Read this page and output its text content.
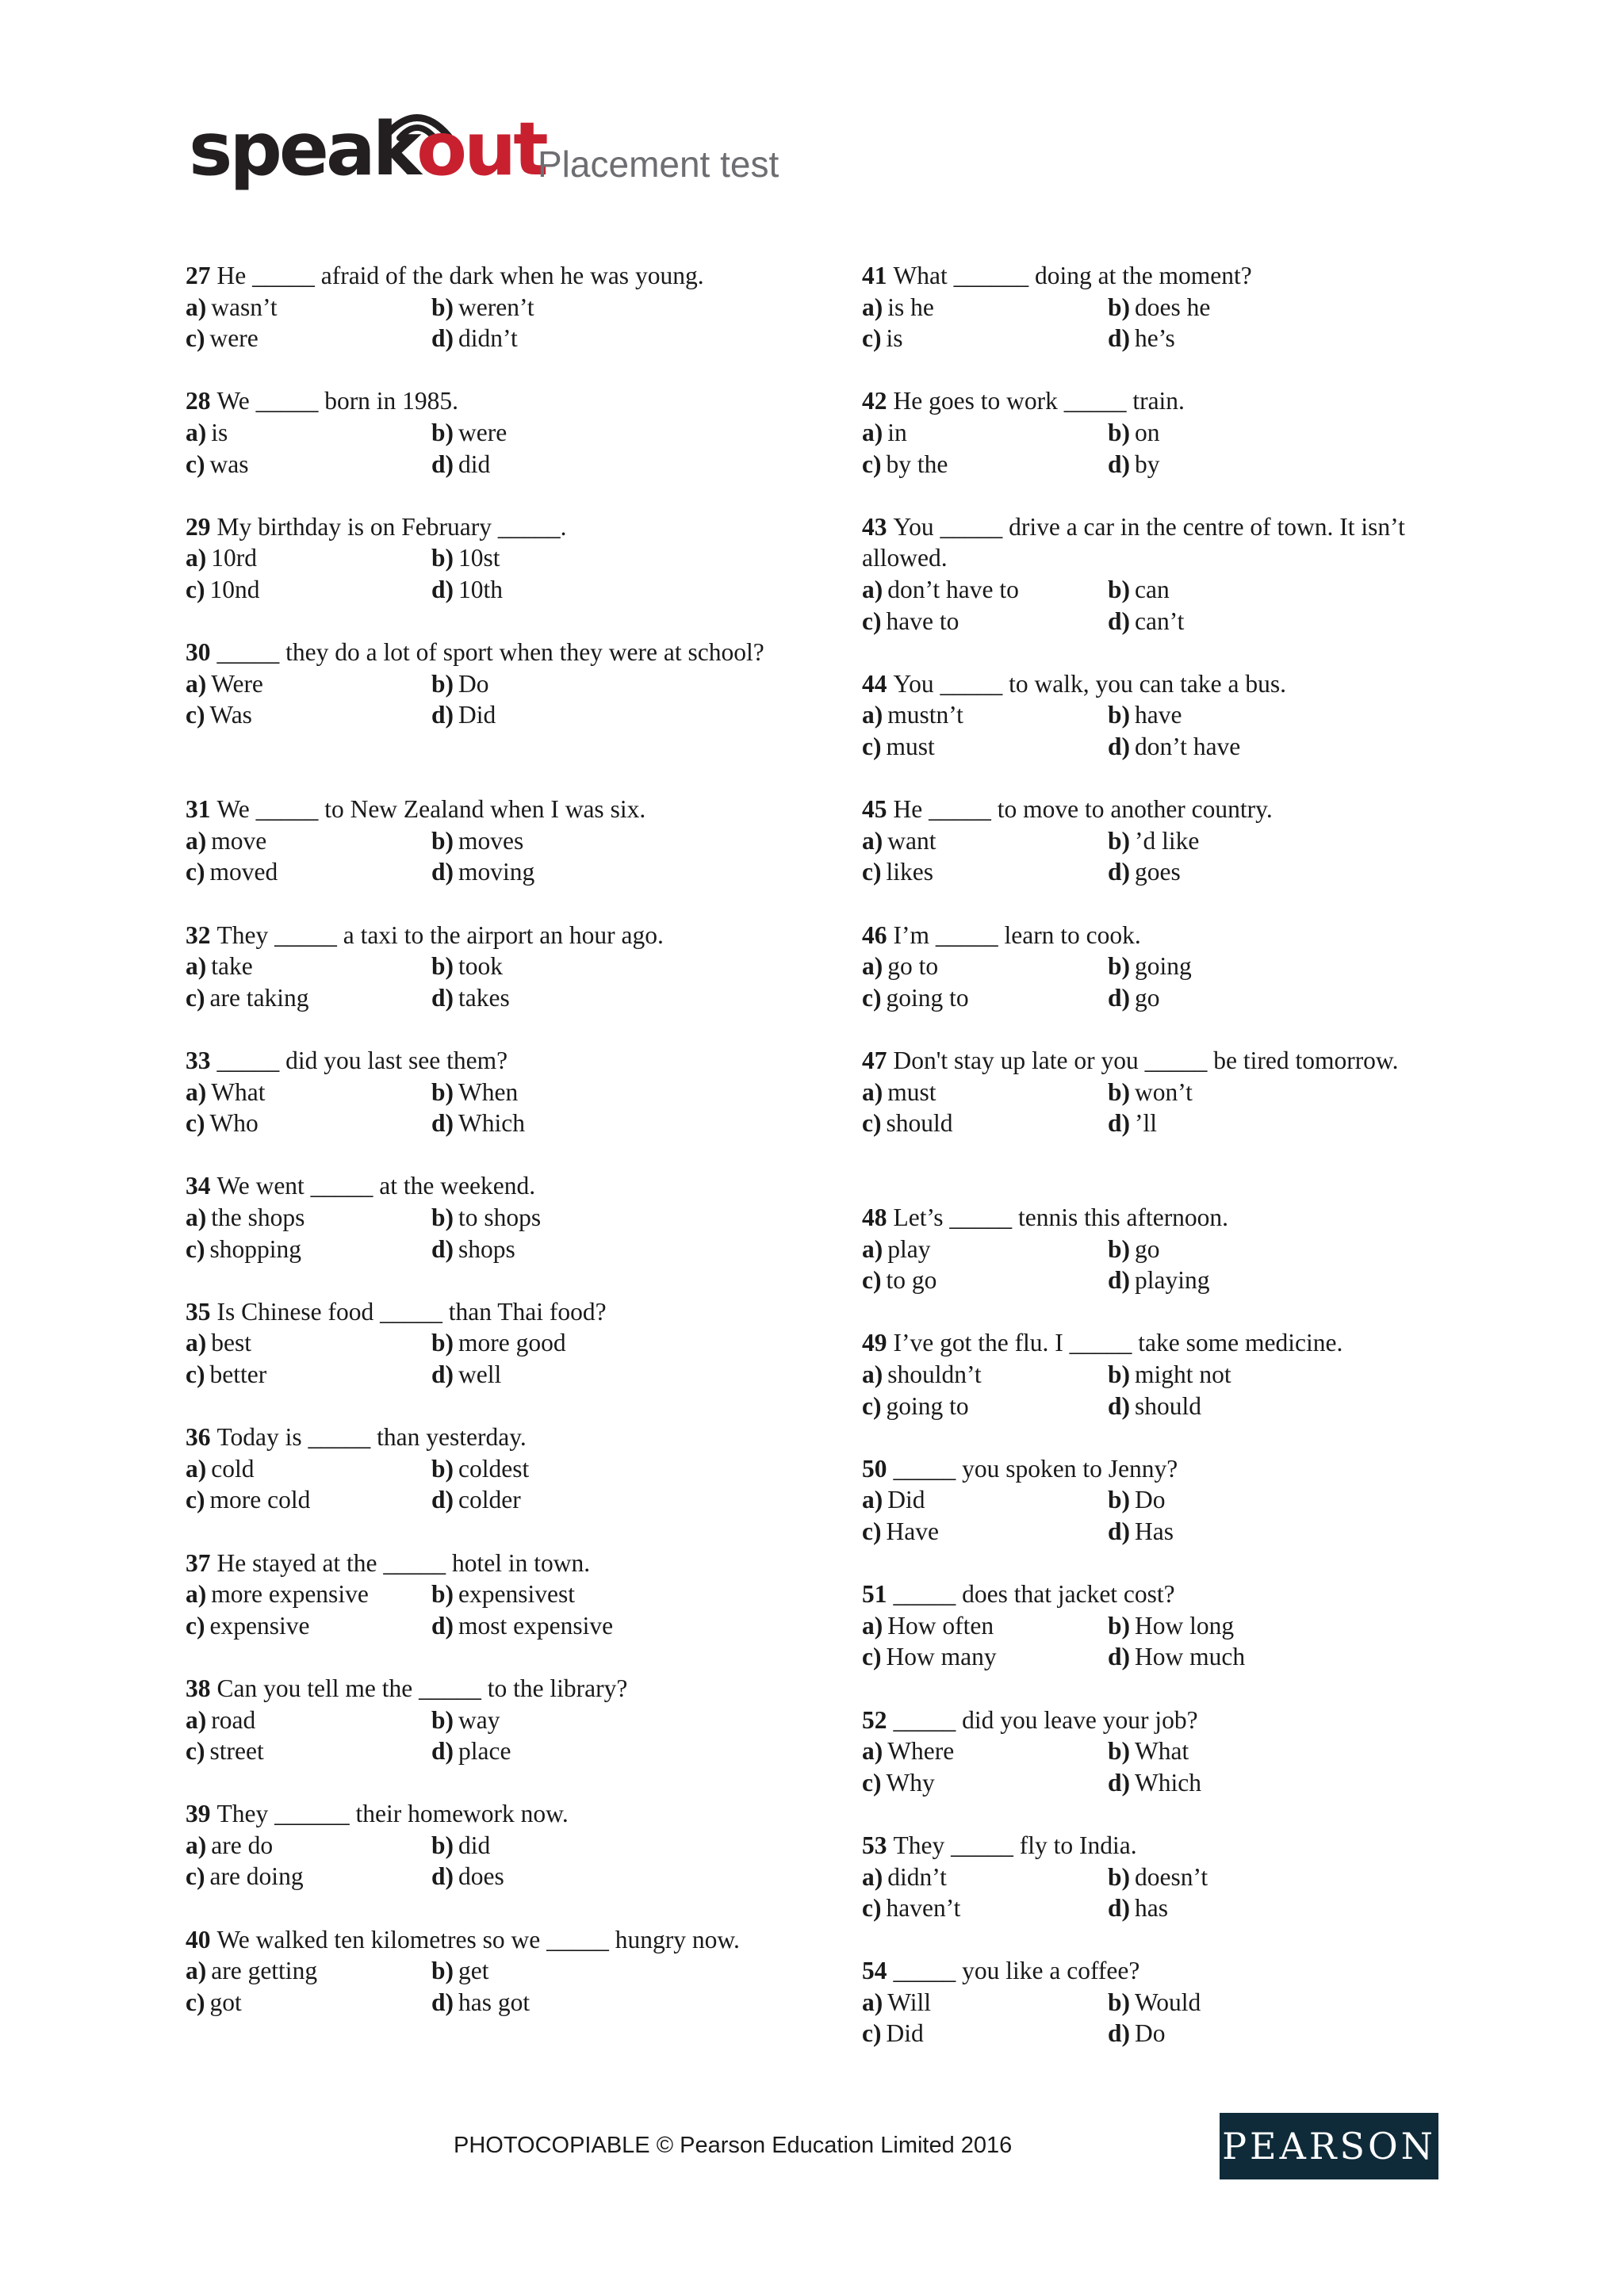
speakout
Placement test
27 He _____ afraid of the dark when he was young.
a) wasn’t	b) weren’t
c) were	d) didn’t
28 We _____ born in 1985.
a) is	b) were
c) was	d) did
29 My birthday is on February _____.
a) 10rd	b) 10st
c) 10nd	d) 10th
30 _____ they do a lot of sport when they were at school?
a) Were	b) Do
c) Was	d) Did
31 We _____ to New Zealand when I was six.
a) move	b) moves
c) moved	d) moving
32 They _____ a taxi to the airport an hour ago.
a) take	b) took
c) are taking	d) takes
33 _____ did you last see them?
a) What	b) When
c) Who	d) Which
34 We went _____ at the weekend.
a) the shops	b) to shops
c) shopping	d) shops
35 Is Chinese food _____ than Thai food?
a) best	b) more good
c) better	d) well
36 Today is _____ than yesterday.
a) cold	b) coldest
c) more cold	d) colder
37 He stayed at the _____ hotel in town.
a) more expensive	b) expensivest
c) expensive	d) most expensive
38 Can you tell me the _____ to the library?
a) road	b) way
c) street	d) place
39 They ______ their homework now.
a) are do	b) did
c) are doing	d) does
40 We walked ten kilometres so we _____ hungry now.
a) are getting	b) get
c) got	d) has got
41 What ______ doing at the moment?
a) is he	b) does he
c) is	d) he’s
42 He goes to work _____ train.
a) in	b) on
c) by the	d) by
43 You _____ drive a car in the centre of town. It isn’t allowed.
a) don’t have to	b) can
c) have to	d) can’t
44 You _____ to walk, you can take a bus.
a) mustn’t	b) have
c) must	d) don’t have
45 He _____ to move to another country.
a) want	b) ’d like
c) likes	d) goes
46 I’m _____ learn to cook.
a) go to	b) going
c) going to	d) go
47 Don't stay up late or you _____ be tired tomorrow.
a) must	b) won’t
c) should	d) ’ll
48 Let’s _____ tennis this afternoon.
a) play	b) go
c) to go	d) playing
49 I’ve got the flu. I _____ take some medicine.
a) shouldn’t	b) might not
c) going to	d) should
50 _____ you spoken to Jenny?
a) Did	b) Do
c) Have	d) Has
51 _____ does that jacket cost?
a) How often	b) How long
c) How many	d) How much
52 _____ did you leave your job?
a) Where	b) What
c) Why	d) Which
53 They _____ fly to India.
a) didn’t	b) doesn’t
c) haven’t	d) has
54 _____ you like a coffee?
a) Will	b) Would
c) Did	d) Do
PHOTOCOPIABLE © Pearson Education Limited 2016	PEARSON
